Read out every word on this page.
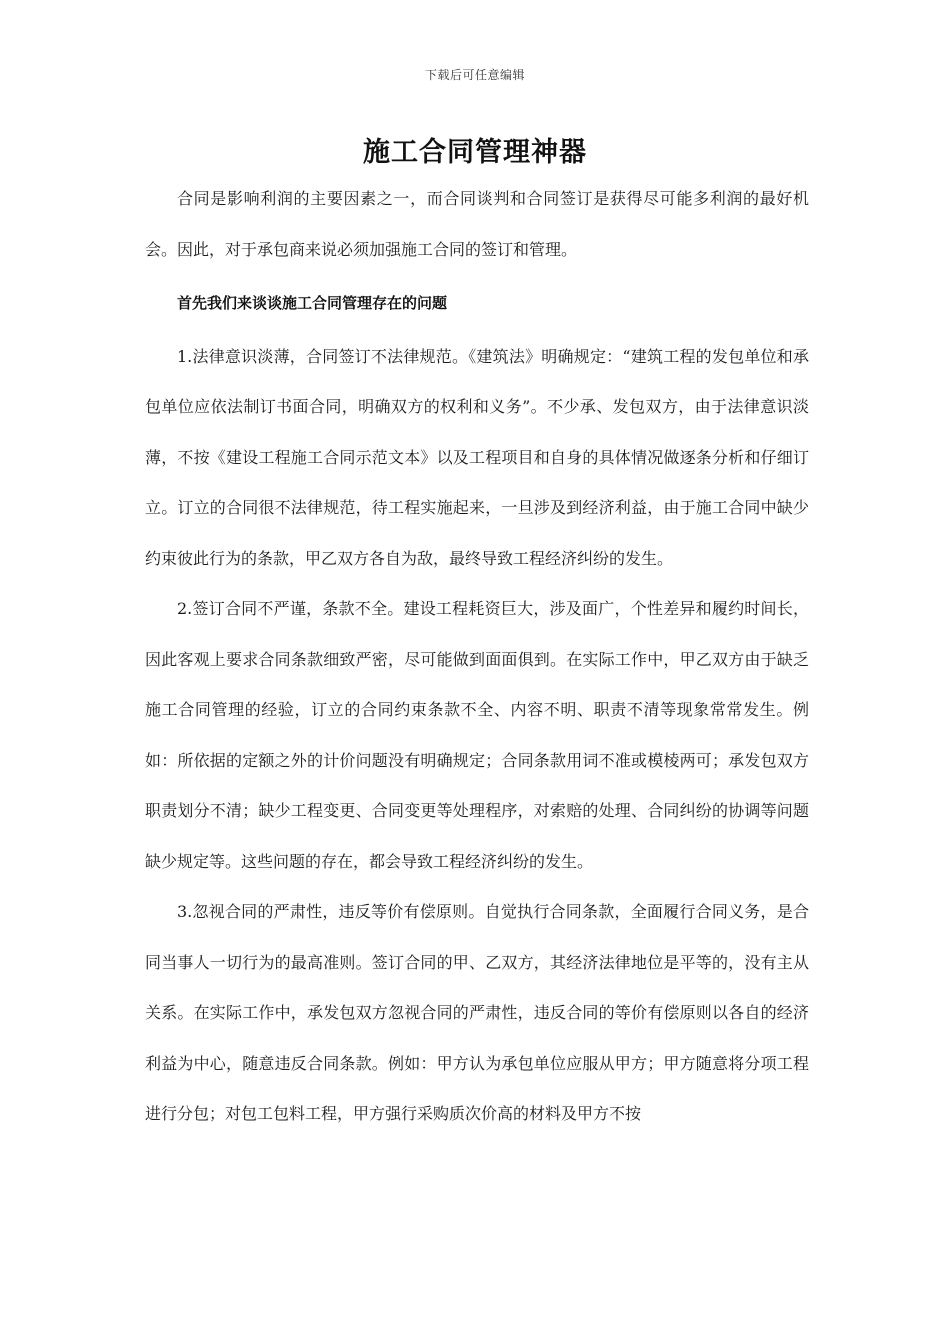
下载后可任意编辑
施工合同管理神器

合同是影响利润的主要因素之一，而合同谈判和合同签订是获得尽可能多利润的最好机会。因此，对于承包商来说必须加强施工合同的签订和管理。

首先我们来谈谈施工合同管理存在的问题

1.法律意识淡薄，合同签订不法律规范。《建筑法》明确规定：“建筑工程的发包单位和承包单位应依法制订书面合同，明确双方的权利和义务”。不少承、发包双方，由于法律意识淡薄，不按《建设工程施工合同示范文本》以及工程项目和自身的具体情况做逐条分析和仔细订立。订立的合同很不法律规范，待工程实施起来，一旦涉及到经济利益，由于施工合同中缺少约束彼此行为的条款，甲乙双方各自为敌，最终导致工程经济纠纷的发生。

2.签订合同不严谨，条款不全。建设工程耗资巨大，涉及面广，个性差异和履约时间长，因此客观上要求合同条款细致严密，尽可能做到面面俱到。在实际工作中，甲乙双方由于缺乏施工合同管理的经验，订立的合同约束条款不全、内容不明、职责不清等现象常常发生。例如：所依据的定额之外的计价问题没有明确规定；合同条款用词不准或模棱两可；承发包双方职责划分不清；缺少工程变更、合同变更等处理程序，对索赔的处理、合同纠纷的协调等问题缺少规定等。这些问题的存在，都会导致工程经济纠纷的发生。

3.忽视合同的严肃性，违反等价有偿原则。自觉执行合同条款，全面履行合同义务，是合同当事人一切行为的最高准则。签订合同的甲、乙双方，其经济法律地位是平等的，没有主从关系。在实际工作中，承发包双方忽视合同的严肃性，违反合同的等价有偿原则以各自的经济利益为中心，随意违反合同条款。例如：甲方认为承包单位应服从甲方；甲方随意将分项工程进行分包；对包工包料工程，甲方强行采购质次价高的材料及甲方不按
